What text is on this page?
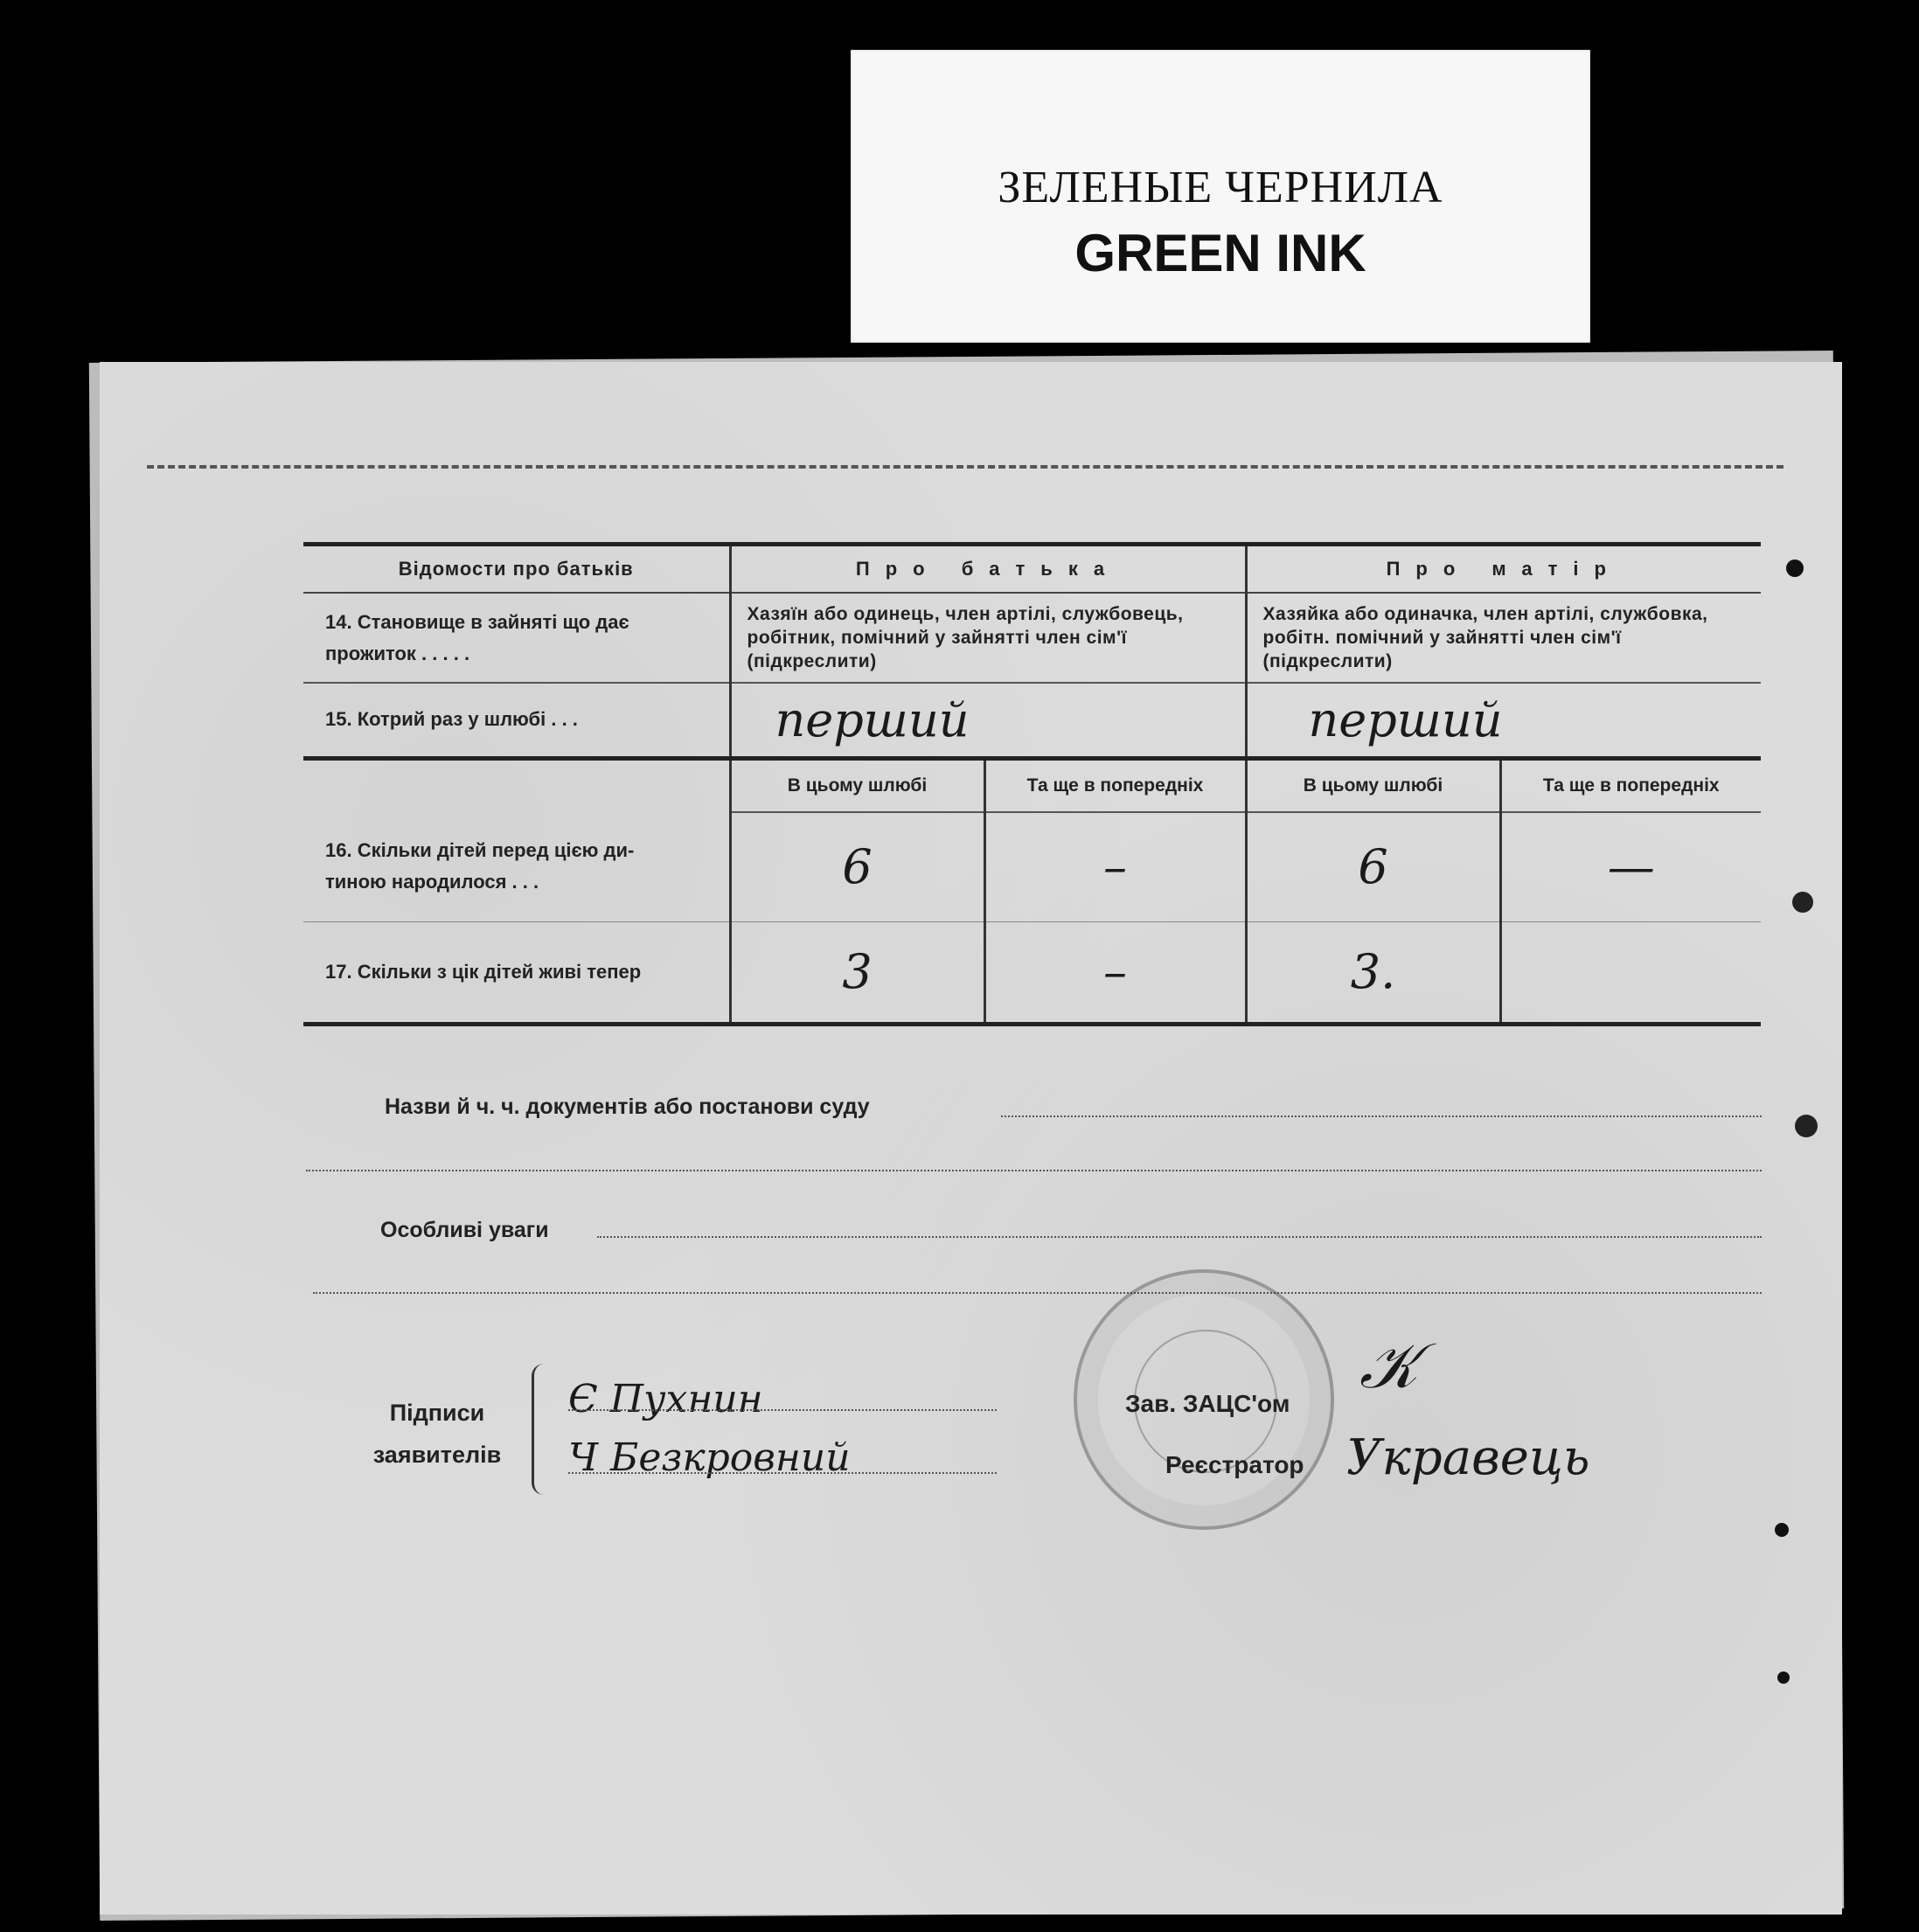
ЗЕЛЕНЫЕ ЧЕРНИЛА
GREEN INK
Відомости про батьків	Про батька		Про матір	

14. Становище в зайняті що дає
прожиток . . . . .	Хазяїн або одинець, член артілі, службовець, робітник, помічний у зайнятті член сім'ї (підкреслити)		Хазяйка або одиначка, член артілі, службовка, робітн. помічний у зайнятті член сім'ї (підкреслити)	
15. Котрий раз у шлюбі . . .	перший		перший	
	В цьому шлюбі	Та ще в попередніх	В цьому шлюбі	Та ще в попередніх

16. Скільки дітей перед цією ди-
тиною народилося . . .	6	–	6	—
17. Скільки з цік дітей живі тепер	3	–	3.	
Назви й ч. ч. документів або постанови суду
Особливі уваги
Підписи
заявителів
Є Пухнин
Ч Безкровний
Зав. ЗАЦС'ом
𝒦
Реєстратор Укравець
